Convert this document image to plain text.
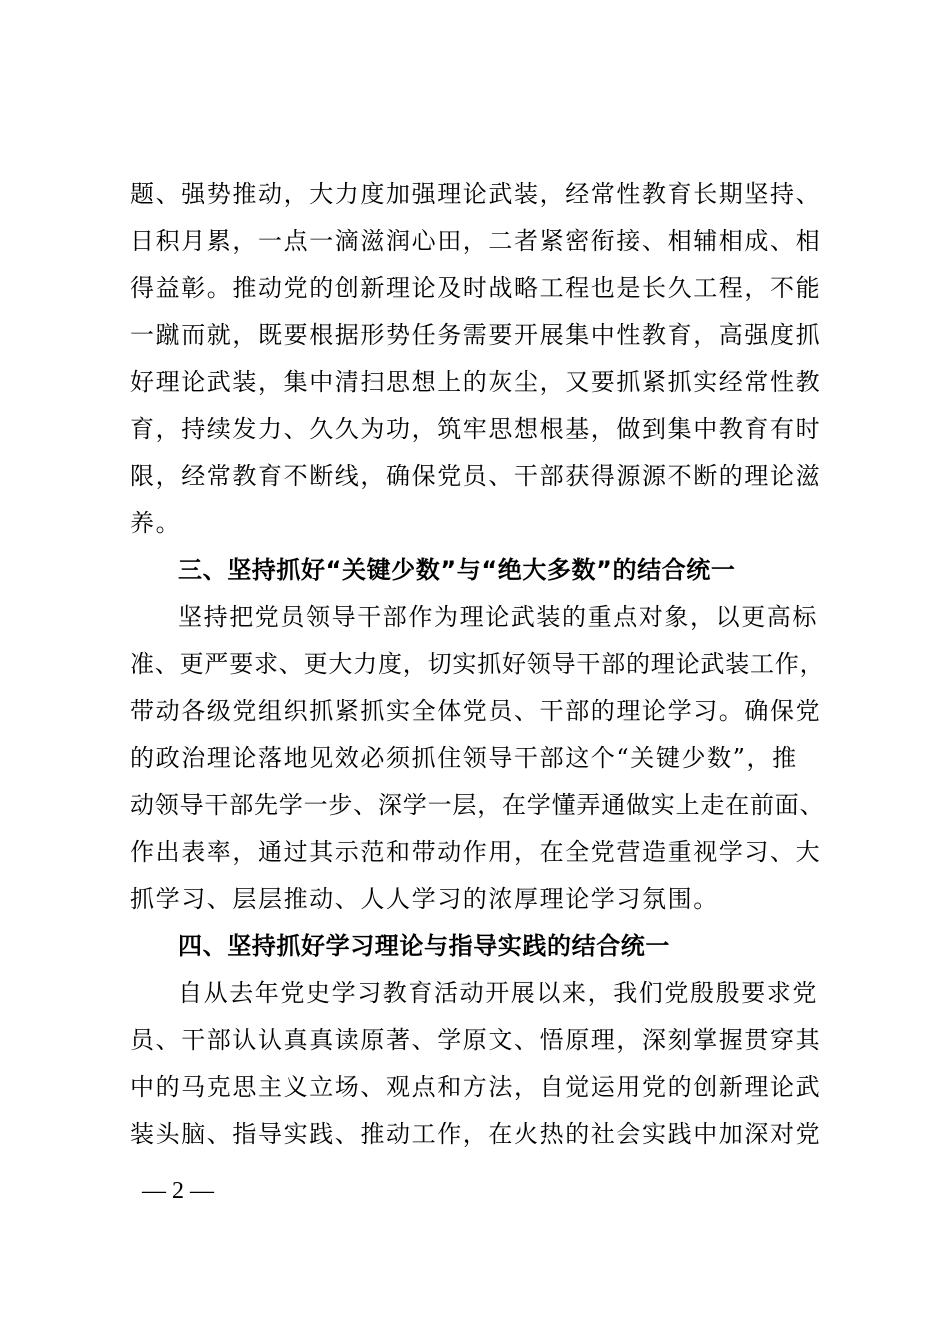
题、强势推动，大力度加强理论武装，经常性教育长期坚持、
日积月累，一点一滴滋润心田，二者紧密衔接、相辅相成、相
得益彰。推动党的创新理论及时战略工程也是长久工程，不能
一蹴而就，既要根据形势任务需要开展集中性教育，高强度抓
好理论武装，集中清扫思想上的灰尘，又要抓紧抓实经常性教
育，持续发力、久久为功，筑牢思想根基，做到集中教育有时
限，经常教育不断线，确保党员、干部获得源源不断的理论滋
养。
三、坚持抓好“关键少数”与“绝大多数”的结合统一
坚持把党员领导干部作为理论武装的重点对象，以更高标
准、更严要求、更大力度，切实抓好领导干部的理论武装工作，
带动各级党组织抓紧抓实全体党员、干部的理论学习。确保党
的政治理论落地见效必须抓住领导干部这个“关键少数”，推
动领导干部先学一步、深学一层，在学懂弄通做实上走在前面、
作出表率，通过其示范和带动作用，在全党营造重视学习、大
抓学习、层层推动、人人学习的浓厚理论学习氛围。
四、坚持抓好学习理论与指导实践的结合统一
自从去年党史学习教育活动开展以来，我们党殷殷要求党
员、干部认认真真读原著、学原文、悟原理，深刻掌握贯穿其
中的马克思主义立场、观点和方法，自觉运用党的创新理论武
装头脑、指导实践、推动工作，在火热的社会实践中加深对党
— 2 —
